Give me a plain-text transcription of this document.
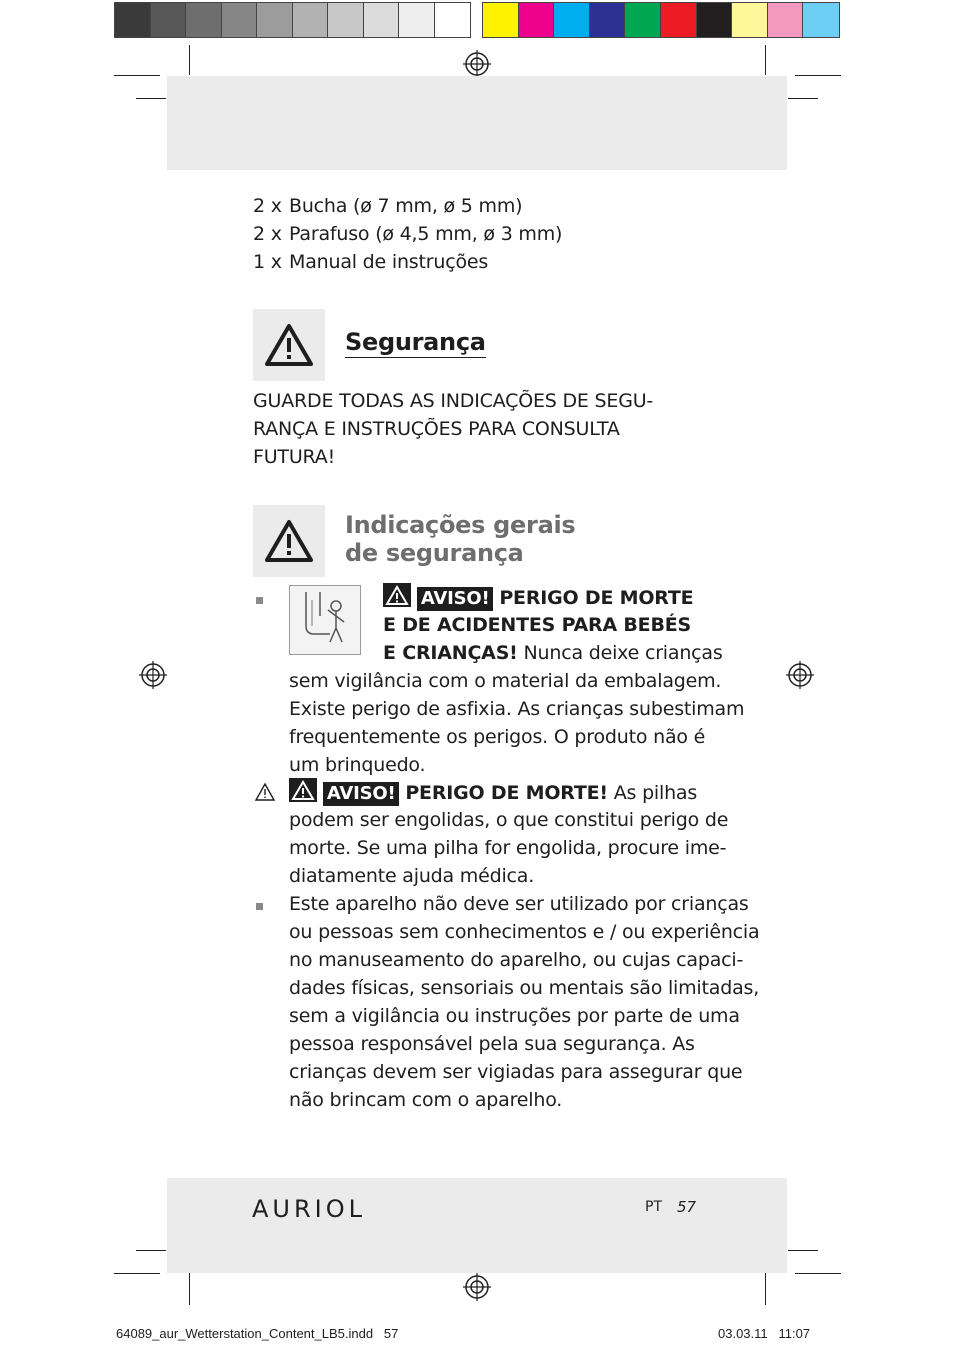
2 x Bucha (ø 7 mm, ø 5 mm)
2 x Parafuso (ø 4,5 mm, ø 3 mm)
1 x Manual de instruções
Segurança
GUARDE TODAS AS INDICAÇÕES DE SEGU-
RANÇA E INSTRUÇÕES PARA CONSULTA
FUTURA!
Indicações gerais
de segurança
AVISO! PERIGO DE MORTE
E DE ACIDENTES PARA BEBÉS
E CRIANÇAS! Nunca deixe crianças
sem vigilância com o material da embalagem.
Existe perigo de asfixia. As crianças subestimam
frequentemente os perigos. O produto não é
um brinquedo.
AVISO! PERIGO DE MORTE! As pilhas
podem ser engolidas, o que constitui perigo de
morte. Se uma pilha for engolida, procure ime-
diatamente ajuda médica.
Este aparelho não deve ser utilizado por crianças
ou pessoas sem conhecimentos e / ou experiência
no manuseamento do aparelho, ou cujas capaci-
dades físicas, sensoriais ou mentais são limitadas,
sem a vigilância ou instruções por parte de uma
pessoa responsável pela sua segurança. As
crianças devem ser vigiadas para assegurar que
não brincam com o aparelho.
AURIOL	PT 57
64089_aur_Wetterstation_Content_LB5.indd   57	03.03.11   11:07
